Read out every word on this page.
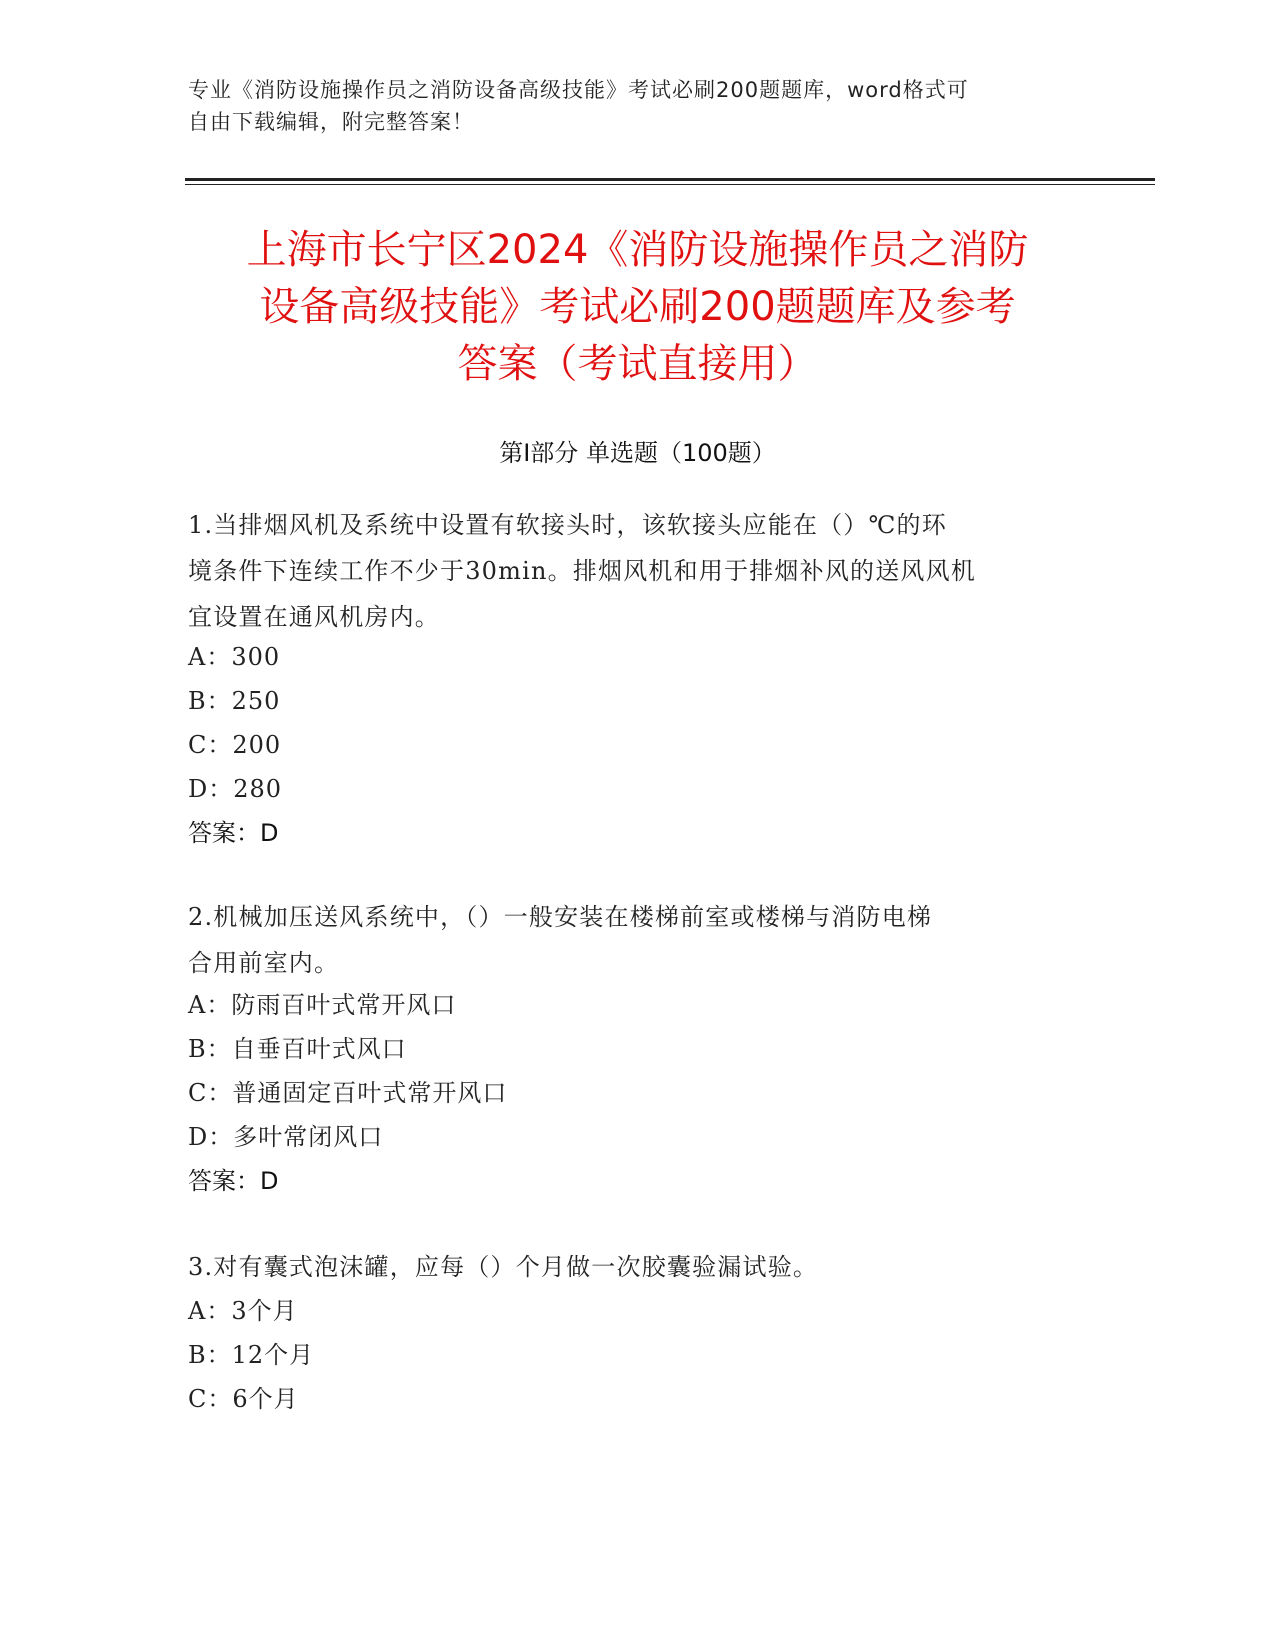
专业《消防设施操作员之消防设备高级技能》考试必刷200题题库，word格式可
自由下载编辑，附完整答案！
上海市长宁区2024《消防设施操作员之消防
设备高级技能》考试必刷200题题库及参考
答案（考试直接用）
第Ⅰ部分 单选题（100题）
1.当排烟风机及系统中设置有软接头时，该软接头应能在（）℃的环
境条件下连续工作不少于30min。排烟风机和用于排烟补风的送风风机
宜设置在通风机房内。
A：300
B：250
C：200
D：280
答案：D
2.机械加压送风系统中，（）一般安装在楼梯前室或楼梯与消防电梯
合用前室内。
A：防雨百叶式常开风口
B：自垂百叶式风口
C：普通固定百叶式常开风口
D：多叶常闭风口
答案：D
3.对有囊式泡沫罐，应每（）个月做一次胶囊验漏试验。
A：3个月
B：12个月
C：6个月
